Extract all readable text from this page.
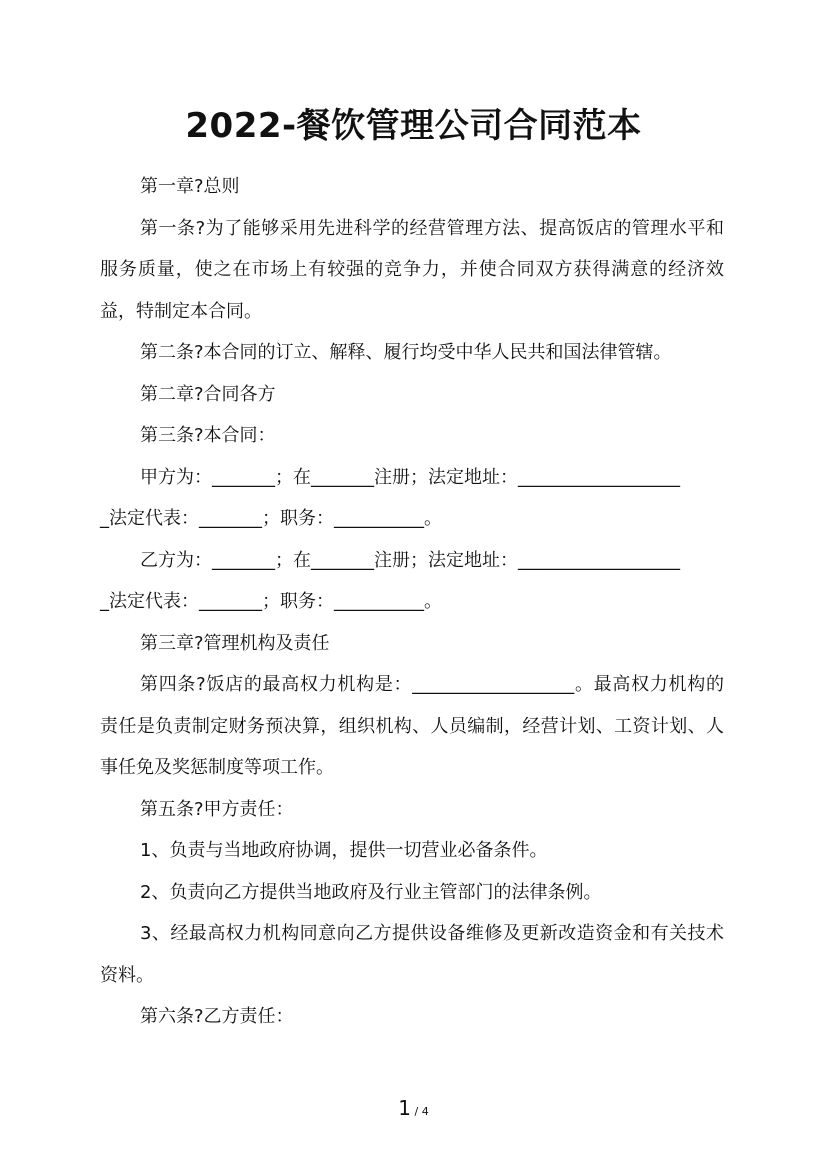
2022-餐饮管理公司合同范本

第一章?总则

第一条?为了能够采用先进科学的经营管理方法、提高饭店的管理水平和服务质量，使之在市场上有较强的竞争力，并使合同双方获得满意的经济效益，特制定本合同。

第二条?本合同的订立、解释、履行均受中华人民共和国法律管辖。

第二章?合同各方

第三条?本合同：

甲方为：_______；在_______注册；法定地址：__________________

_法定代表：_______；职务：__________。

乙方为：_______；在_______注册；法定地址：__________________

_法定代表：_______；职务：__________。

第三章?管理机构及责任

第四条?饭店的最高权力机构是：__________________。最高权力机构的责任是负责制定财务预决算，组织机构、人员编制，经营计划、工资计划、人事任免及奖惩制度等项工作。

第五条?甲方责任：

1、负责与当地政府协调，提供一切营业必备条件。

2、负责向乙方提供当地政府及行业主管部门的法律条例。

3、经最高权力机构同意向乙方提供设备维修及更新改造资金和有关技术资料。

第六条?乙方责任：

1 / 4
